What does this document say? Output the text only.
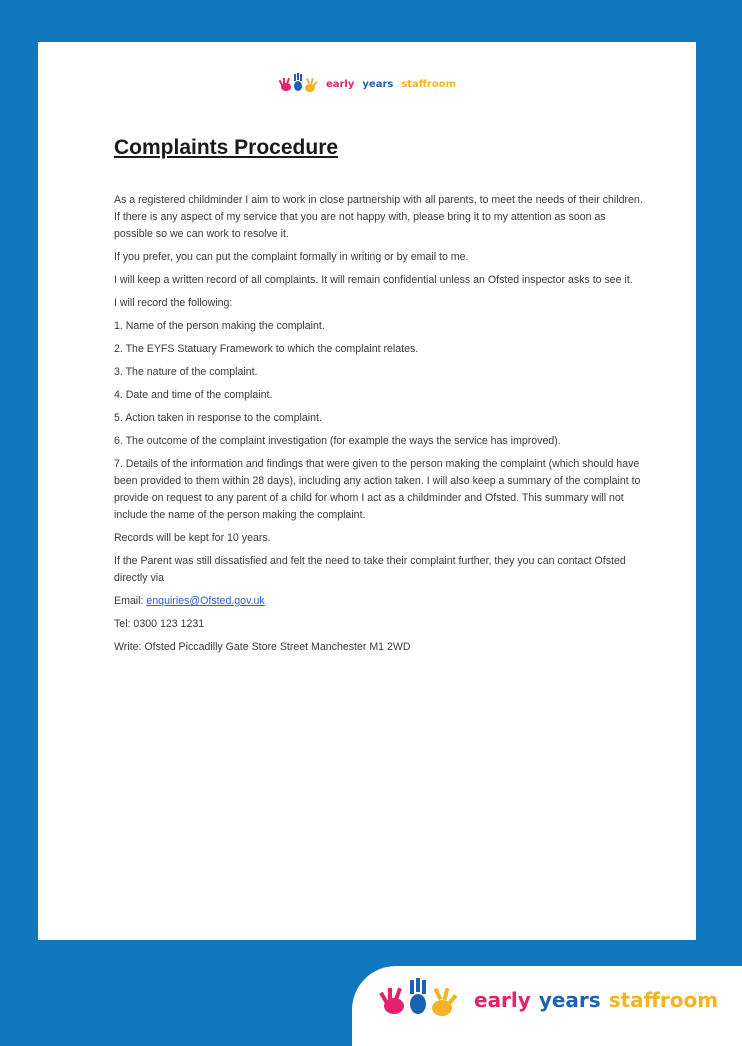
early years staffroom
Complaints Procedure

As a registered childminder I aim to work in close partnership with all parents, to meet the needs of their children. If there is any aspect of my service that you are not happy with, please bring it to my attention as soon as possible so we can work to resolve it.

If you prefer, you can put the complaint formally in writing or by email to me.

I will keep a written record of all complaints. It will remain confidential unless an Ofsted inspector asks to see it.

I will record the following:

1. Name of the person making the complaint.

2. The EYFS Statuary Framework to which the complaint relates.

3. The nature of the complaint.

4. Date and time of the complaint.

5. Action taken in response to the complaint.

6. The outcome of the complaint investigation (for example the ways the service has improved).

7. Details of the information and findings that were given to the person making the complaint (which should have been provided to them within 28 days), including any action taken. I will also keep a summary of the complaint to provide on request to any parent of a child for whom I act as a childminder and Ofsted. This summary will not include the name of the person making the complaint.

Records will be kept for 10 years.

If the Parent was still dissatisfied and felt the need to take their complaint further, they you can contact Ofsted directly via

Email: enquiries@Ofsted.gov.uk

Tel: 0300 123 1231

Write: Ofsted Piccadilly Gate Store Street Manchester M1 2WD

early years staffroom
